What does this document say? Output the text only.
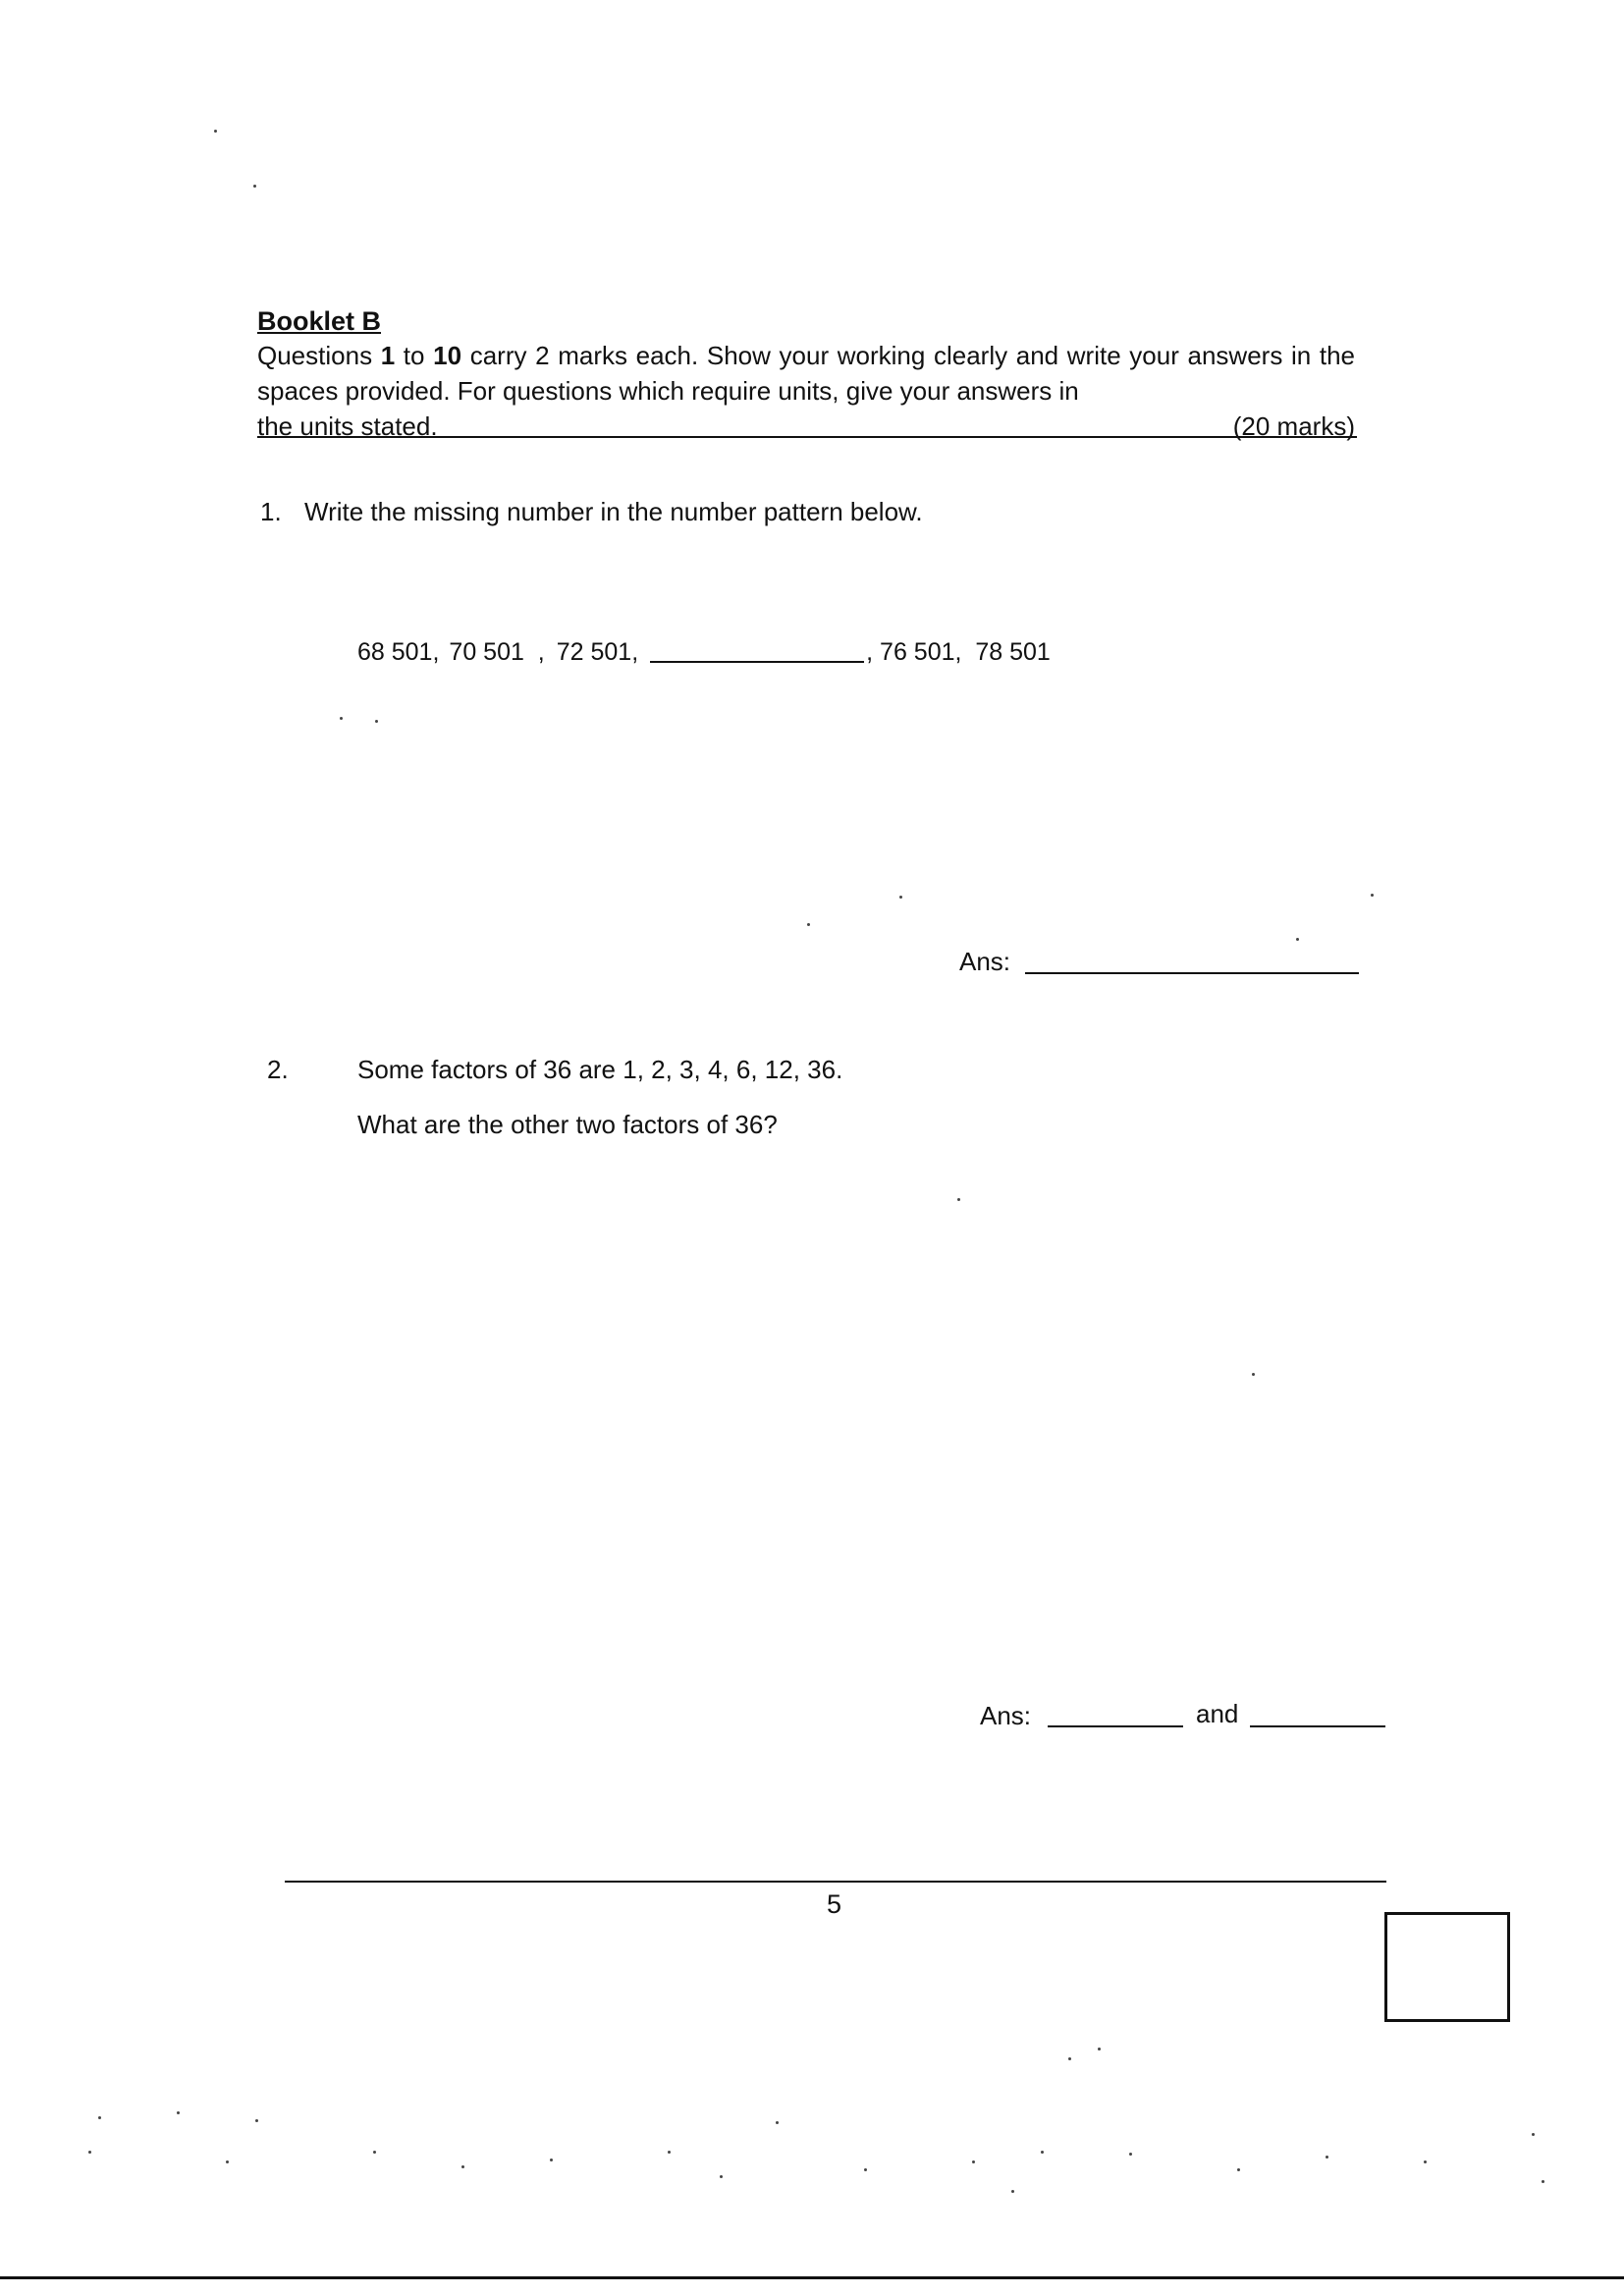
Booklet B
Questions 1 to 10 carry 2 marks each. Show your working clearly and write your answers in the spaces provided. For questions which require units, give your answers in
the units stated.	(20 marks)
1. Write the missing number in the number pattern below.
68 501, 70 501  , 72 501,	, 76 501,  78 501
Ans:
2.	Some factors of 36 are 1, 2, 3, 4, 6, 12, 36.
What are the other two factors of 36?
Ans:	and
5
